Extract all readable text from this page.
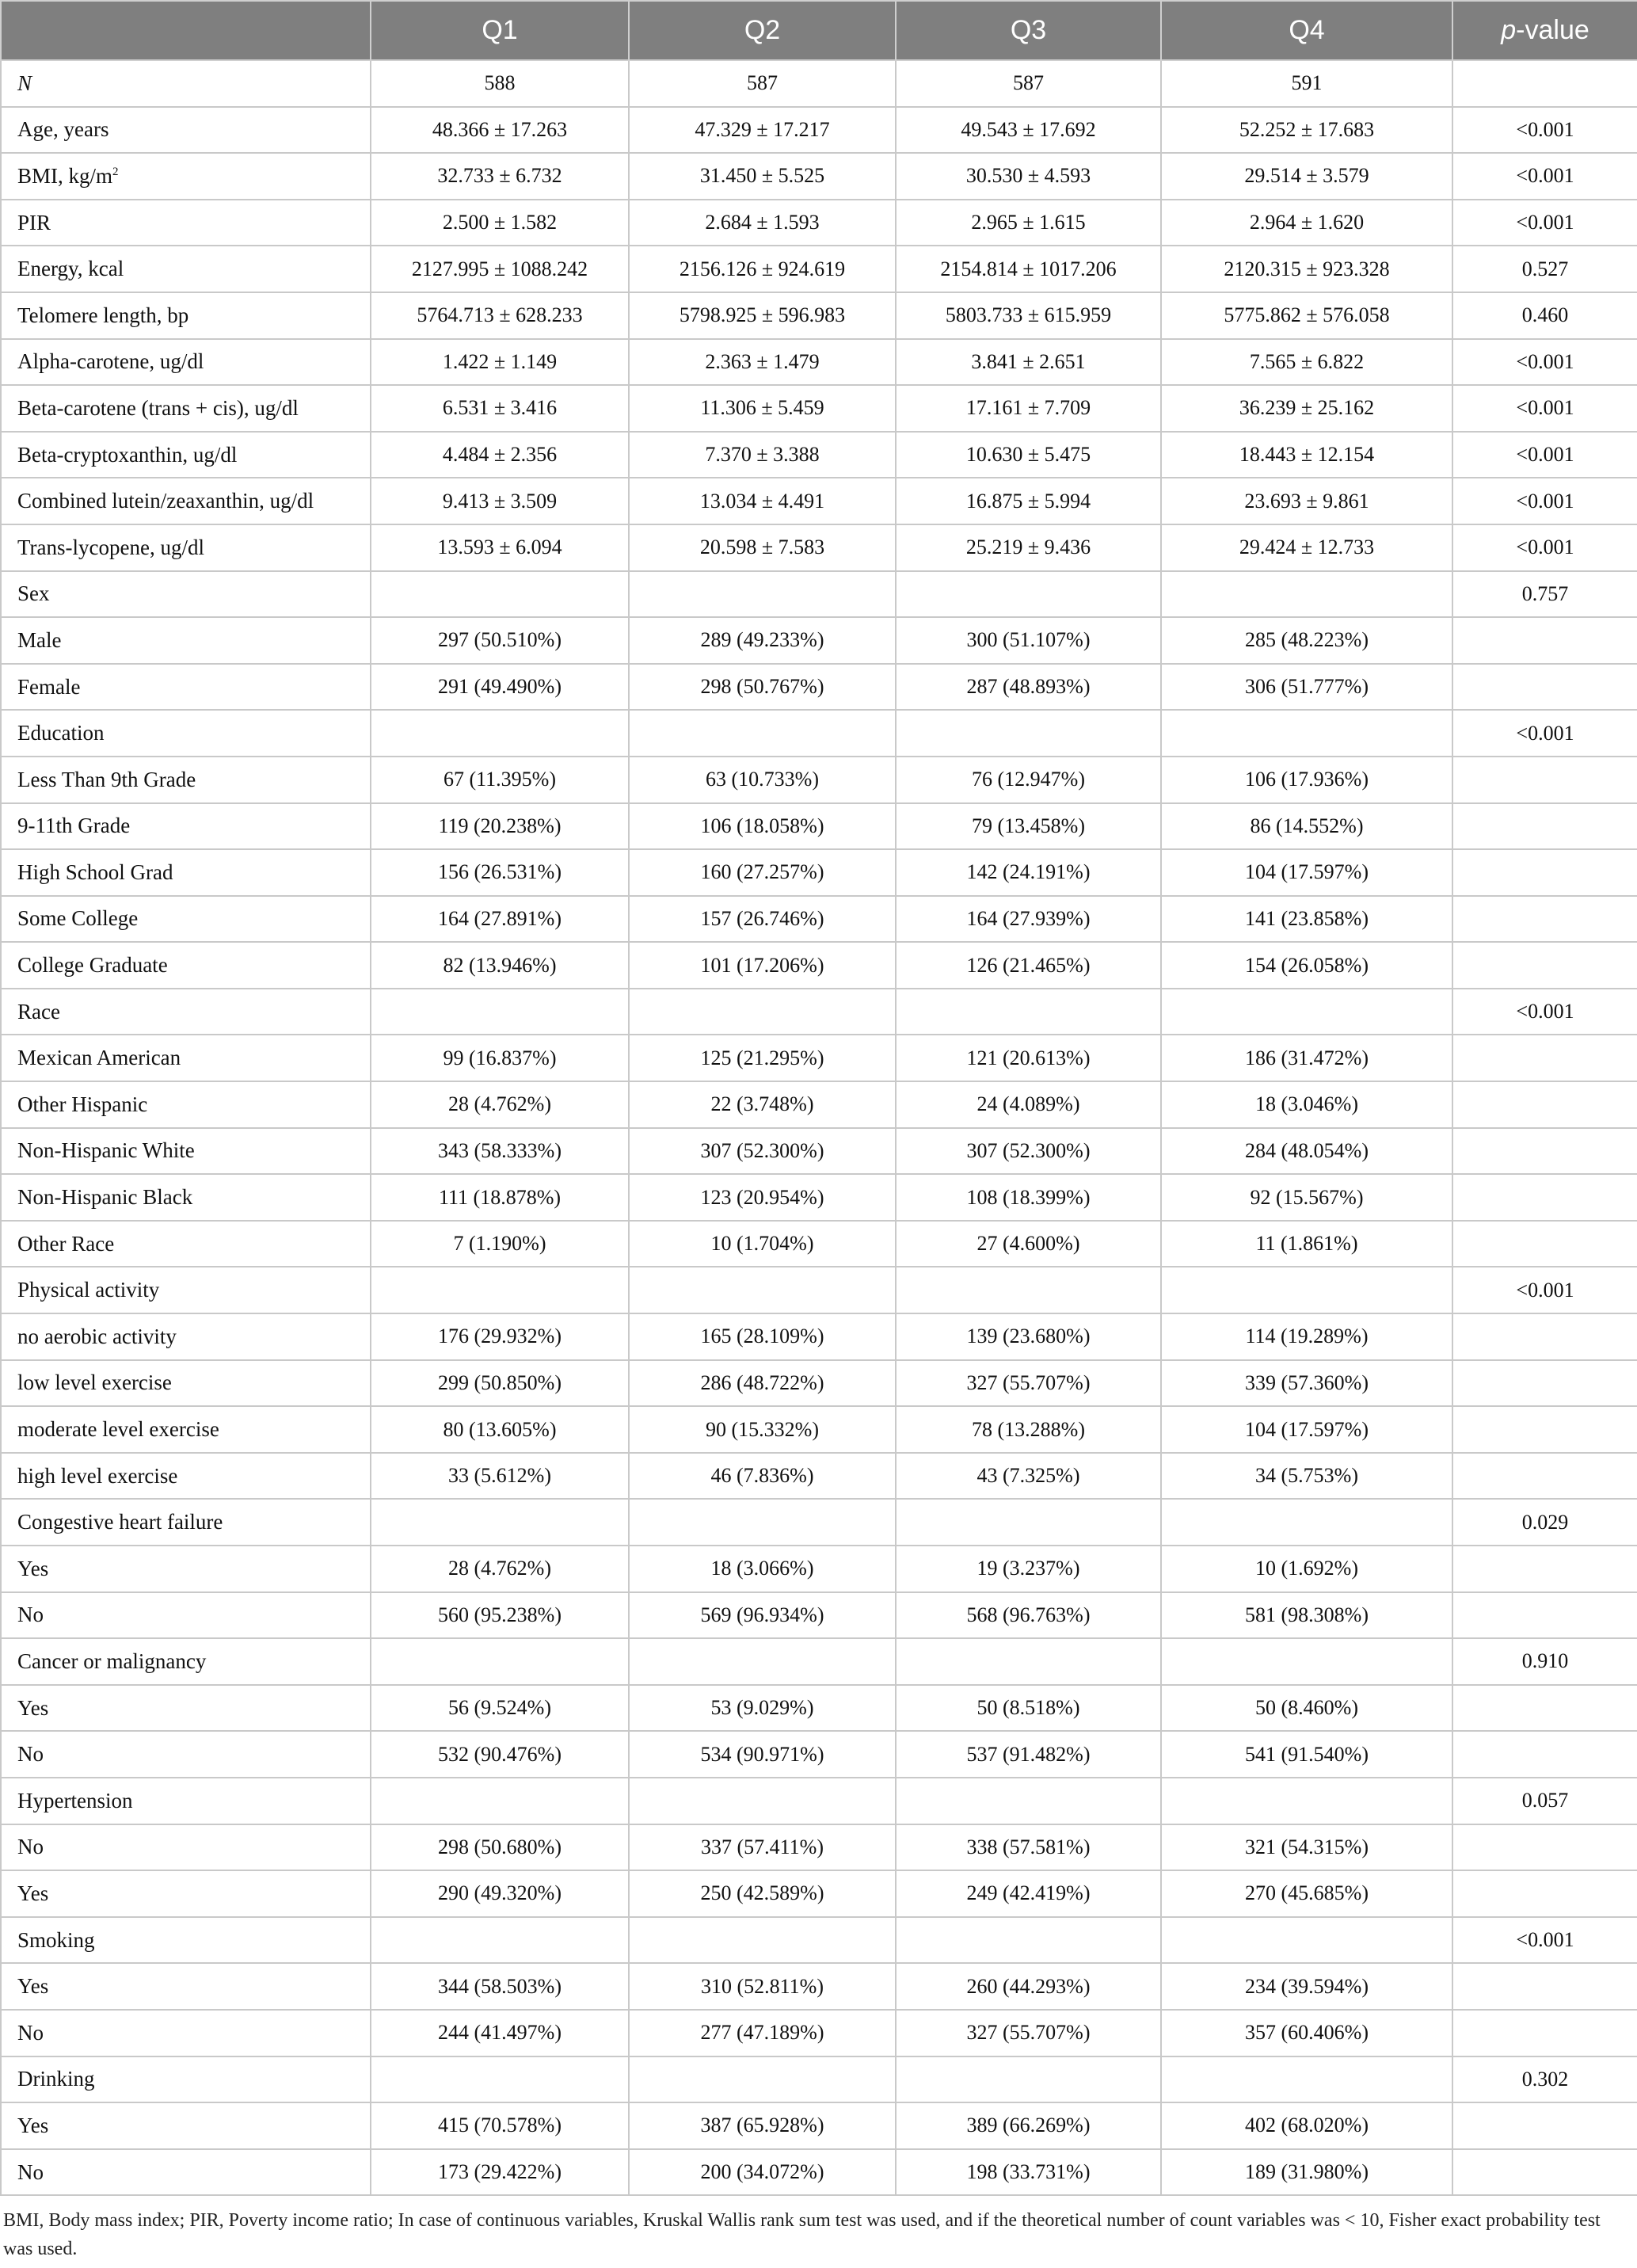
	Q1	Q2	Q3	Q4	p-value
N	588	587	587	591	
Age, years	48.366 ± 17.263	47.329 ± 17.217	49.543 ± 17.692	52.252 ± 17.683	<0.001
BMI, $kg/m^2$	32.733 ± 6.732	31.450 ± 5.525	30.530 ± 4.593	29.514 ± 3.579	<0.001
PIR	2.500 ± 1.582	2.684 ± 1.593	2.965 ± 1.615	2.964 ± 1.620	<0.001
Energy, kcal	2127.995 ± 1088.242	2156.126 ± 924.619	2154.814 ± 1017.206	2120.315 ± 923.328	0.527
Telomere length, bp	5764.713 ± 628.233	5798.925 ± 596.983	5803.733 ± 615.959	5775.862 ± 576.058	0.460
Alpha-carotene, ug/dl	1.422 ± 1.149	2.363 ± 1.479	3.841 ± 2.651	7.565 ± 6.822	<0.001
Beta-carotene (trans + cis), ug/dl	6.531 ± 3.416	11.306 ± 5.459	17.161 ± 7.709	36.239 ± 25.162	<0.001
Beta-cryptoxanthin, ug/dl	4.484 ± 2.356	7.370 ± 3.388	10.630 ± 5.475	18.443 ± 12.154	<0.001
Combined lutein/zeaxanthin, ug/dl	9.413 ± 3.509	13.034 ± 4.491	16.875 ± 5.994	23.693 ± 9.861	<0.001
Trans-lycopene, ug/dl	13.593 ± 6.094	20.598 ± 7.583	25.219 ± 9.436	29.424 ± 12.733	<0.001
Sex					0.757
Male	297 (50.510%)	289 (49.233%)	300 (51.107%)	285 (48.223%)	
Female	291 (49.490%)	298 (50.767%)	287 (48.893%)	306 (51.777%)	
Education					<0.001
Less Than 9th Grade	67 (11.395%)	63 (10.733%)	76 (12.947%)	106 (17.936%)	
9-11th Grade	119 (20.238%)	106 (18.058%)	79 (13.458%)	86 (14.552%)	
High School Grad	156 (26.531%)	160 (27.257%)	142 (24.191%)	104 (17.597%)	
Some College	164 (27.891%)	157 (26.746%)	164 (27.939%)	141 (23.858%)	
College Graduate	82 (13.946%)	101 (17.206%)	126 (21.465%)	154 (26.058%)	
Race					<0.001
Mexican American	99 (16.837%)	125 (21.295%)	121 (20.613%)	186 (31.472%)	
Other Hispanic	28 (4.762%)	22 (3.748%)	24 (4.089%)	18 (3.046%)	
Non-Hispanic White	343 (58.333%)	307 (52.300%)	307 (52.300%)	284 (48.054%)	
Non-Hispanic Black	111 (18.878%)	123 (20.954%)	108 (18.399%)	92 (15.567%)	
Other Race	7 (1.190%)	10 (1.704%)	27 (4.600%)	11 (1.861%)	
Physical activity					<0.001
no aerobic activity	176 (29.932%)	165 (28.109%)	139 (23.680%)	114 (19.289%)	
low level exercise	299 (50.850%)	286 (48.722%)	327 (55.707%)	339 (57.360%)	
moderate level exercise	80 (13.605%)	90 (15.332%)	78 (13.288%)	104 (17.597%)	
high level exercise	33 (5.612%)	46 (7.836%)	43 (7.325%)	34 (5.753%)	
Congestive heart failure					0.029
Yes	28 (4.762%)	18 (3.066%)	19 (3.237%)	10 (1.692%)	
No	560 (95.238%)	569 (96.934%)	568 (96.763%)	581 (98.308%)	
Cancer or malignancy					0.910
Yes	56 (9.524%)	53 (9.029%)	50 (8.518%)	50 (8.460%)	
No	532 (90.476%)	534 (90.971%)	537 (91.482%)	541 (91.540%)	
Hypertension					0.057
No	298 (50.680%)	337 (57.411%)	338 (57.581%)	321 (54.315%)	
Yes	290 (49.320%)	250 (42.589%)	249 (42.419%)	270 (45.685%)	
Smoking					<0.001
Yes	344 (58.503%)	310 (52.811%)	260 (44.293%)	234 (39.594%)	
No	244 (41.497%)	277 (47.189%)	327 (55.707%)	357 (60.406%)	
Drinking					0.302
Yes	415 (70.578%)	387 (65.928%)	389 (66.269%)	402 (68.020%)	
No	173 (29.422%)	200 (34.072%)	198 (33.731%)	189 (31.980%)	
BMI, Body mass index; PIR, Poverty income ratio; In case of continuous variables, Kruskal Wallis rank sum test was used, and if the theoretical number of count variables was < 10, Fisher exact probability test was used.
